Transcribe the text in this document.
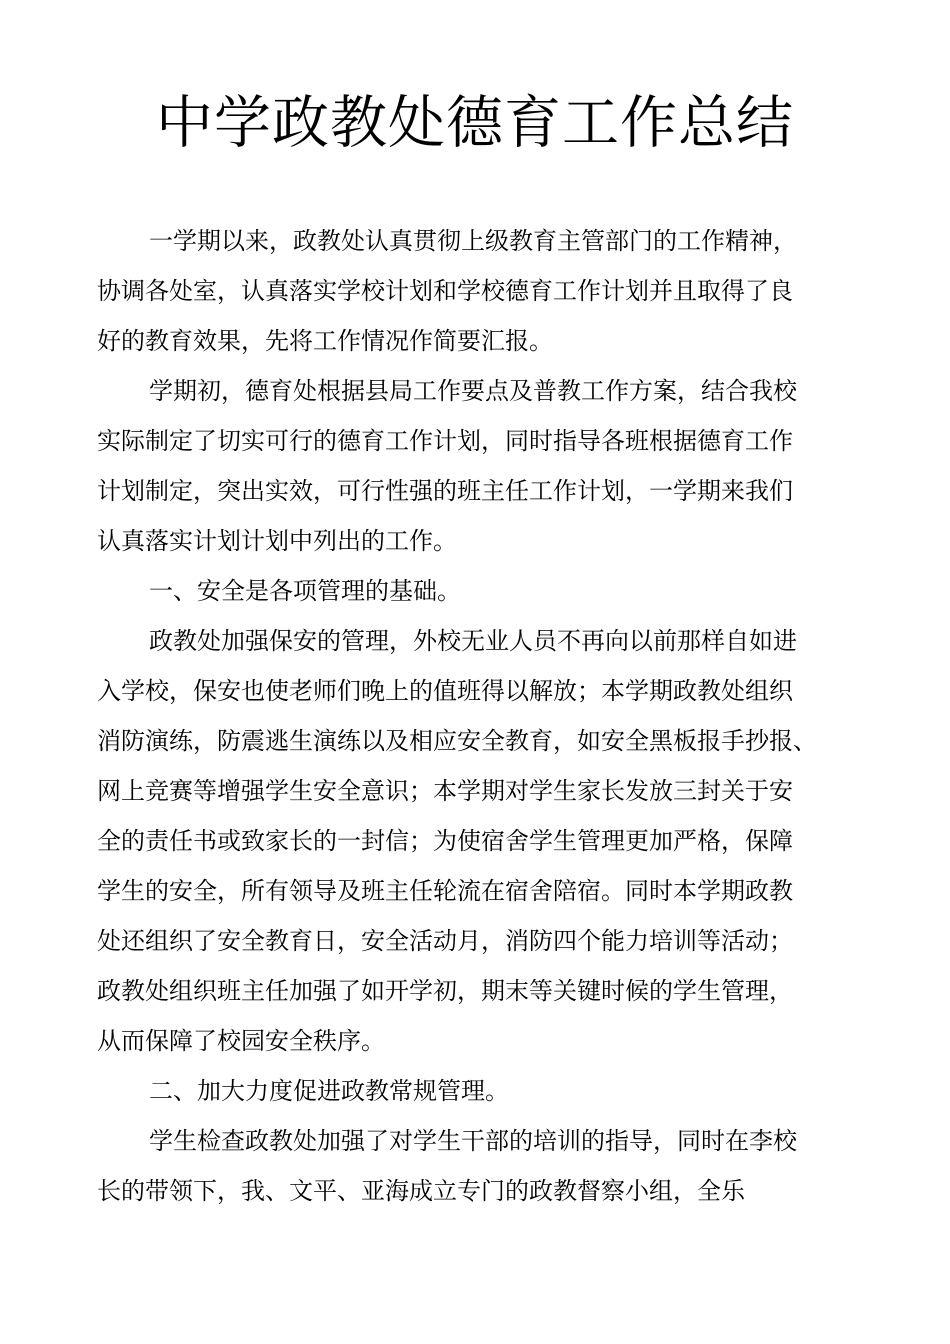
中学政教处德育工作总结
一学期以来，政教处认真贯彻上级教育主管部门的工作精神，
协调各处室，认真落实学校计划和学校德育工作计划并且取得了良
好的教育效果，先将工作情况作简要汇报。
学期初，德育处根据县局工作要点及普教工作方案，结合我校
实际制定了切实可行的德育工作计划，同时指导各班根据德育工作
计划制定，突出实效，可行性强的班主任工作计划，一学期来我们
认真落实计划计划中列出的工作。
一、安全是各项管理的基础。
政教处加强保安的管理，外校无业人员不再向以前那样自如进
入学校，保安也使老师们晚上的值班得以解放；本学期政教处组织
消防演练，防震逃生演练以及相应安全教育，如安全黑板报手抄报、
网上竞赛等增强学生安全意识；本学期对学生家长发放三封关于安
全的责任书或致家长的一封信；为使宿舍学生管理更加严格，保障
学生的安全，所有领导及班主任轮流在宿舍陪宿。同时本学期政教
处还组织了安全教育日，安全活动月，消防四个能力培训等活动；
政教处组织班主任加强了如开学初，期末等关键时候的学生管理，
从而保障了校园安全秩序。
二、加大力度促进政教常规管理。
学生检查政教处加强了对学生干部的培训的指导，同时在李校
长的带领下，我、文平、亚海成立专门的政教督察小组，全乐
